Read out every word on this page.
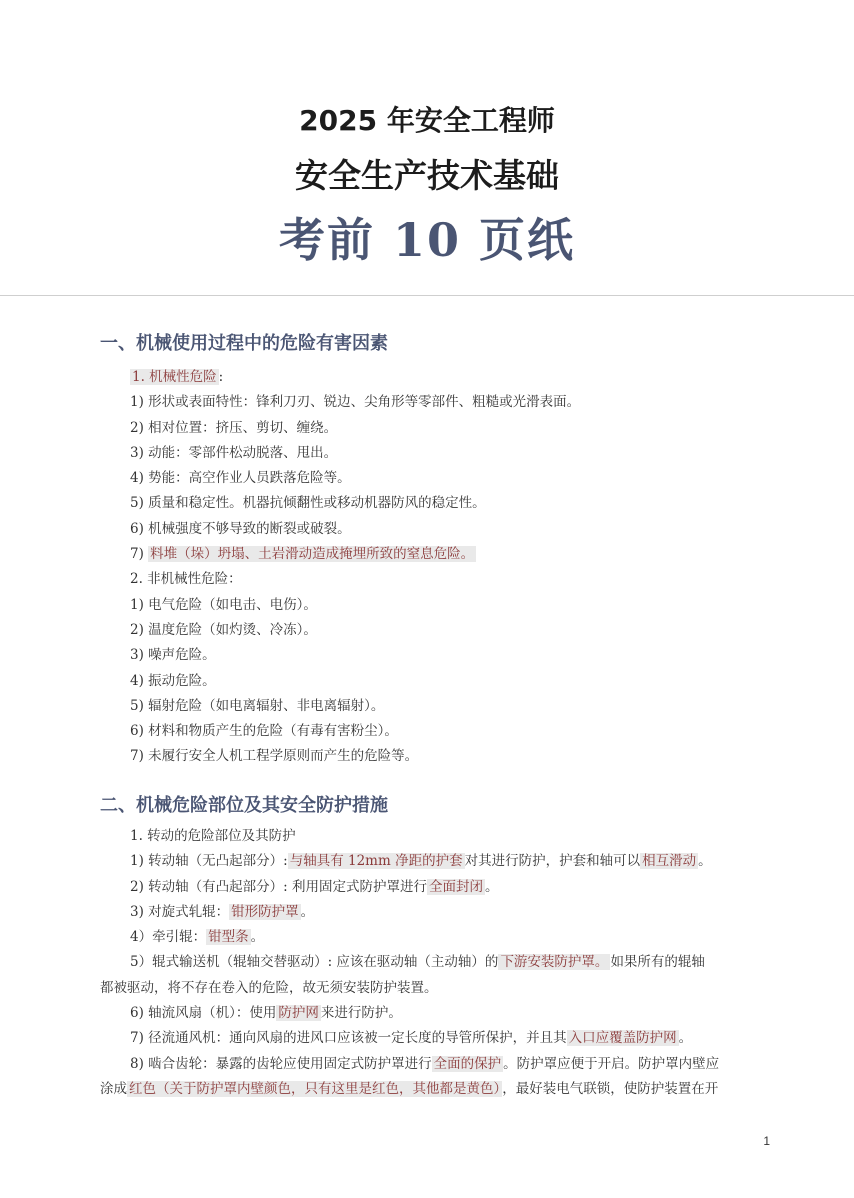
2025 年安全工程师
安全生产技术基础
考前 10 页纸
一、机械使用过程中的危险有害因素
1. 机械性危险 :
1) 形状或表面特性：锋利刀刃、锐边、尖角形等零部件、粗糙或光滑表面。
2) 相对位置：挤压、剪切、缠绕。
3) 动能：零部件松动脱落、甩出。
4) 势能：高空作业人员跌落危险等。
5) 质量和稳定性。机器抗倾翻性或移动机器防风的稳定性。
6) 机械强度不够导致的断裂或破裂。
7) 料堆（垛）坍塌、土岩滑动造成掩埋所致的窒息危险。
2. 非机械性危险：
1) 电气危险（如电击、电伤）。
2) 温度危险（如灼烫、冷冻）。
3) 噪声危险。
4) 振动危险。
5) 辐射危险（如电离辐射、非电离辐射）。
6) 材料和物质产生的危险（有毒有害粉尘）。
7) 未履行安全人机工程学原则而产生的危险等。
二、机械危险部位及其安全防护措施
1. 转动的危险部位及其防护
1) 转动轴（无凸起部分）: 与轴具有 12mm 净距的护套 对其进行防护，护套和轴可以 相互滑动 。
2) 转动轴（有凸起部分）: 利用固定式防护罩进行 全面封闭 。
3) 对旋式轧辊： 钳形防护罩 。
4）牵引辊： 钳型条 。
5）辊式输送机（辊轴交替驱动）: 应该在驱动轴（主动轴）的 下游安装防护罩。 如果所有的辊轴
都被驱动，将不存在卷入的危险，故无须安装防护装置。
6) 轴流风扇（机）：使用 防护网 来进行防护。
7) 径流通风机：通向风扇的进风口应该被一定长度的导管所保护，并且其 入口应覆盖防护网 。
8) 啮合齿轮：暴露的齿轮应使用固定式防护罩进行 全面的保护 。防护罩应便于开启。防护罩内壁应
涂成 红色（关于防护罩内壁颜色，只有这里是红色，其他都是黄色） ，最好装电气联锁，使防护装置在开
1
